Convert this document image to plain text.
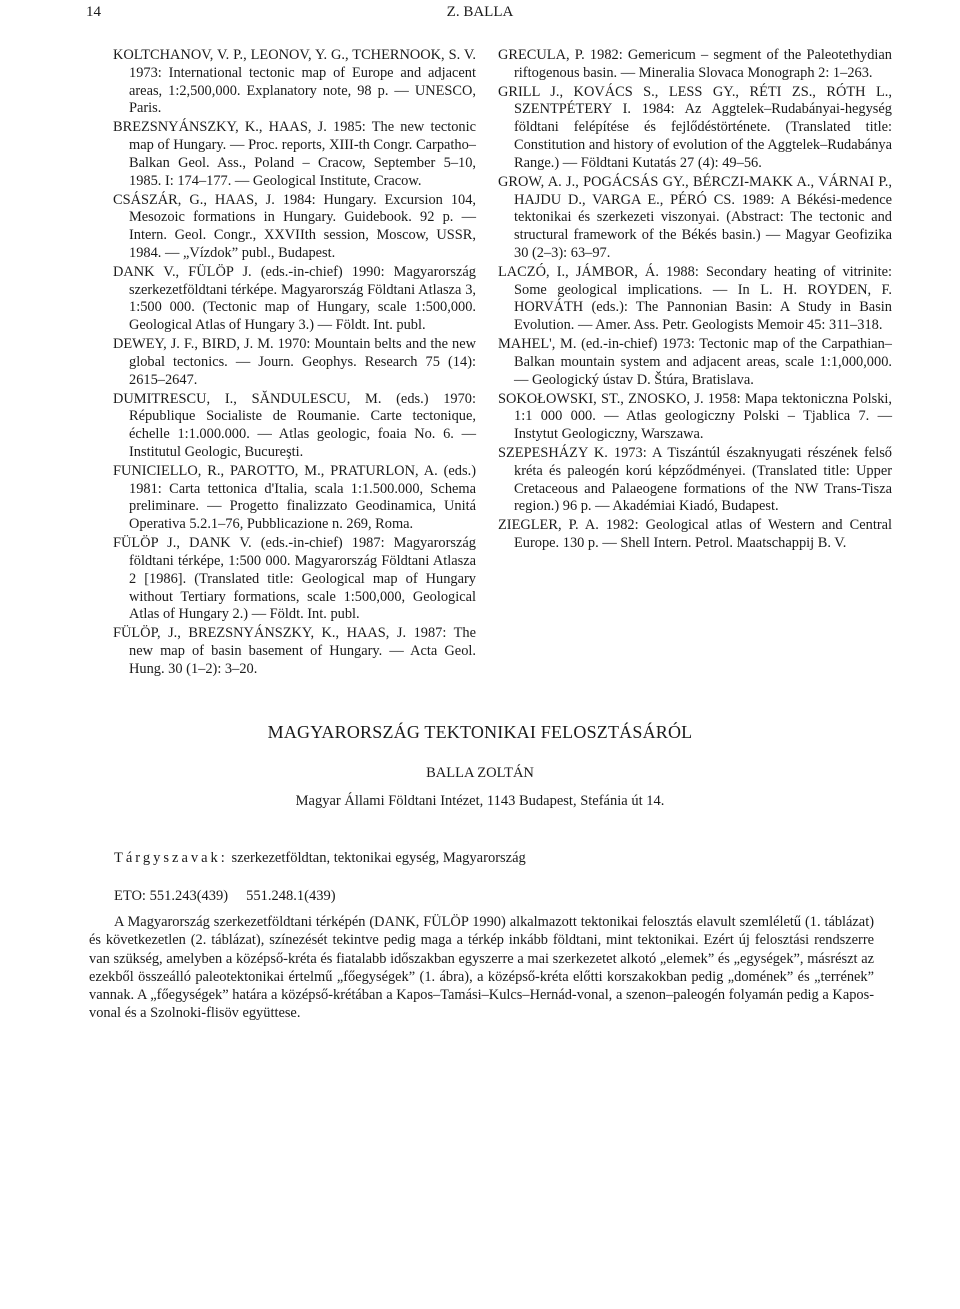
14	Z. BALLA

KOLTCHANOV, V. P., LEONOV, Y. G., TCHERNOOK, S. V. 1973: International tectonic map of Europe and adjacent areas, 1:2,500,000. Explanatory note, 98 p. — UNESCO, Paris.

BREZSNYÁNSZKY, K., HAAS, J. 1985: The new tectonic map of Hungary. — Proc. reports, XIII-th Congr. Carpatho–Balkan Geol. Ass., Poland – Cracow, September 5–10, 1985. I: 174–177. — Geological Institute, Cracow.

CSÁSZÁR, G., HAAS, J. 1984: Hungary. Excursion 104, Mesozoic formations in Hungary. Guidebook. 92 p. — Intern. Geol. Congr., XXVIIth session, Moscow, USSR, 1984. — „Vízdok” publ., Budapest.

DANK V., FÜLÖP J. (eds.-in-chief) 1990: Magyarország szerkezetföldtani térképe. Magyarország Földtani Atlasza 3, 1:500 000. (Tectonic map of Hungary, scale 1:500,000. Geological Atlas of Hungary 3.) — Földt. Int. publ.

DEWEY, J. F., BIRD, J. M. 1970: Mountain belts and the new global tectonics. — Journ. Geophys. Research 75 (14): 2615–2647.

DUMITRESCU, I., SĂNDULESCU, M. (eds.) 1970: République Socialiste de Roumanie. Carte tectonique, échelle 1:1.000.000. — Atlas geologic, foaia No. 6. — Institutul Geologic, Bucureşti.

FUNICIELLO, R., PAROTTO, M., PRATURLON, A. (eds.) 1981: Carta tettonica d'Italia, scala 1:1.500.000, Schema preliminare. — Progetto finalizzato Geodinamica, Unitá Operativa 5.2.1–76, Pubblicazione n. 269, Roma.

FÜLÖP J., DANK V. (eds.-in-chief) 1987: Magyarország földtani térképe, 1:500 000. Magyarország Földtani Atlasza 2 [1986]. (Translated title: Geological map of Hungary without Tertiary formations, scale 1:500,000, Geological Atlas of Hungary 2.) — Földt. Int. publ.

FÜLÖP, J., BREZSNYÁNSZKY, K., HAAS, J. 1987: The new map of basin basement of Hungary. — Acta Geol. Hung. 30 (1–2): 3–20.

GRECULA, P. 1982: Gemericum – segment of the Paleotethydian riftogenous basin. — Mineralia Slovaca Monograph 2: 1–263.

GRILL J., KOVÁCS S., LESS GY., RÉTI ZS., RÓTH L., SZENTPÉTERY I. 1984: Az Aggtelek–Rudabányai-hegység földtani felépítése és fejlődéstörténete. (Translated title: Constitution and history of evolution of the Aggtelek–Rudabánya Range.) — Földtani Kutatás 27 (4): 49–56.

GROW, A. J., POGÁCSÁS GY., BÉRCZI-MAKK A., VÁRNAI P., HAJDU D., VARGA E., PÉRÓ CS. 1989: A Békési-medence tektonikai és szerkezeti viszonyai. (Abstract: The tectonic and structural framework of the Békés basin.) — Magyar Geofizika 30 (2–3): 63–97.

LACZÓ, I., JÁMBOR, Á. 1988: Secondary heating of vitrinite: Some geological implications. — In L. H. ROYDEN, F. HORVÁTH (eds.): The Pannonian Basin: A Study in Basin Evolution. — Amer. Ass. Petr. Geologists Memoir 45: 311–318.

MAHEL', M. (ed.-in-chief) 1973: Tectonic map of the Carpathian–Balkan mountain system and adjacent areas, scale 1:1,000,000. — Geologický ústav D. Štúra, Bratislava.

SOKOŁOWSKI, ST., ZNOSKO, J. 1958: Mapa tektoniczna Polski, 1:1 000 000. — Atlas geologiczny Polski – Tjablica 7. — Instytut Geologiczny, Warszawa.

SZEPESHÁZY K. 1973: A Tiszántúl északnyugati részének felső kréta és paleogén korú képződményei. (Translated title: Upper Cretaceous and Palaeogene formations of the NW Trans-Tisza region.) 96 p. — Akadémiai Kiadó, Budapest.

ZIEGLER, P. A. 1982: Geological atlas of Western and Central Europe. 130 p. — Shell Intern. Petrol. Maatschappij B. V.

MAGYARORSZÁG TEKTONIKAI FELOSZTÁSÁRÓL
BALLA ZOLTÁN
Magyar Állami Földtani Intézet, 1143 Budapest, Stefánia út 14.
Tárgyszavak: szerkezetföldtan, tektonikai egység, Magyarország
ETO: 551.243(439) 551.248.1(439)

A Magyarország szerkezetföldtani térképén (DANK, FÜLÖP 1990) alkalmazott tektonikai felosztás elavult szemléletű (1. táblázat) és következetlen (2. táblázat), színezését tekintve pedig maga a térkép inkább földtani, mint tektonikai. Ezért új felosztási rendszerre van szükség, amelyben a középső-kréta és fiatalabb időszakban egyszerre a mai szerkezetet alkotó „elemek” és „egységek”, másrészt az ezekből összeálló paleotektonikai értelmű „főegységek” (1. ábra), a középső-kréta előtti korszakokban pedig „domének” és „terrének” vannak. A „főegységek” határa a középső-krétában a Kapos–Tamási–Kulcs–Hernád-vonal, a szenon–paleogén folyamán pedig a Kapos-vonal és a Szolnoki-flisöv együttese.
